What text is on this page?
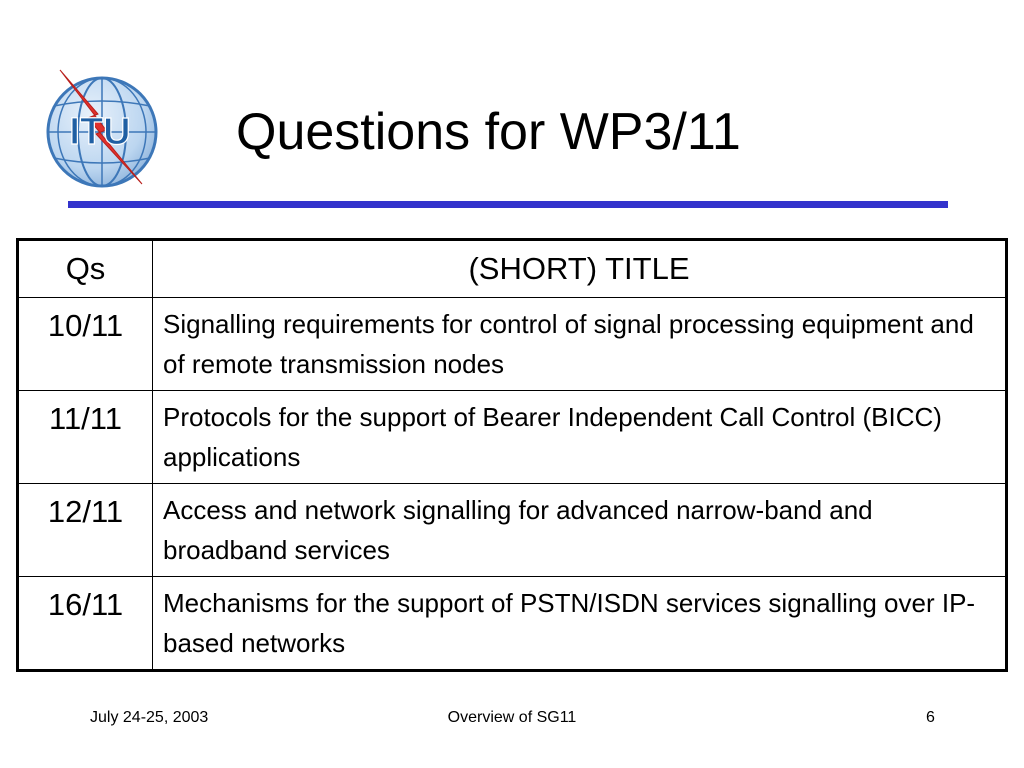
ITU Questions for WP3/11
Qs	(SHORT) TITLE
10/11	Signalling requirements for control of signal processing equipment and of remote transmission nodes
11/11	Protocols for the support of Bearer Independent Call Control (BICC) applications
12/11	Access and network signalling for advanced narrow-band and broadband services
16/11	Mechanisms for the support of PSTN/ISDN services signalling over IP-based networks
July 24-25, 2003	Overview of SG11	6
